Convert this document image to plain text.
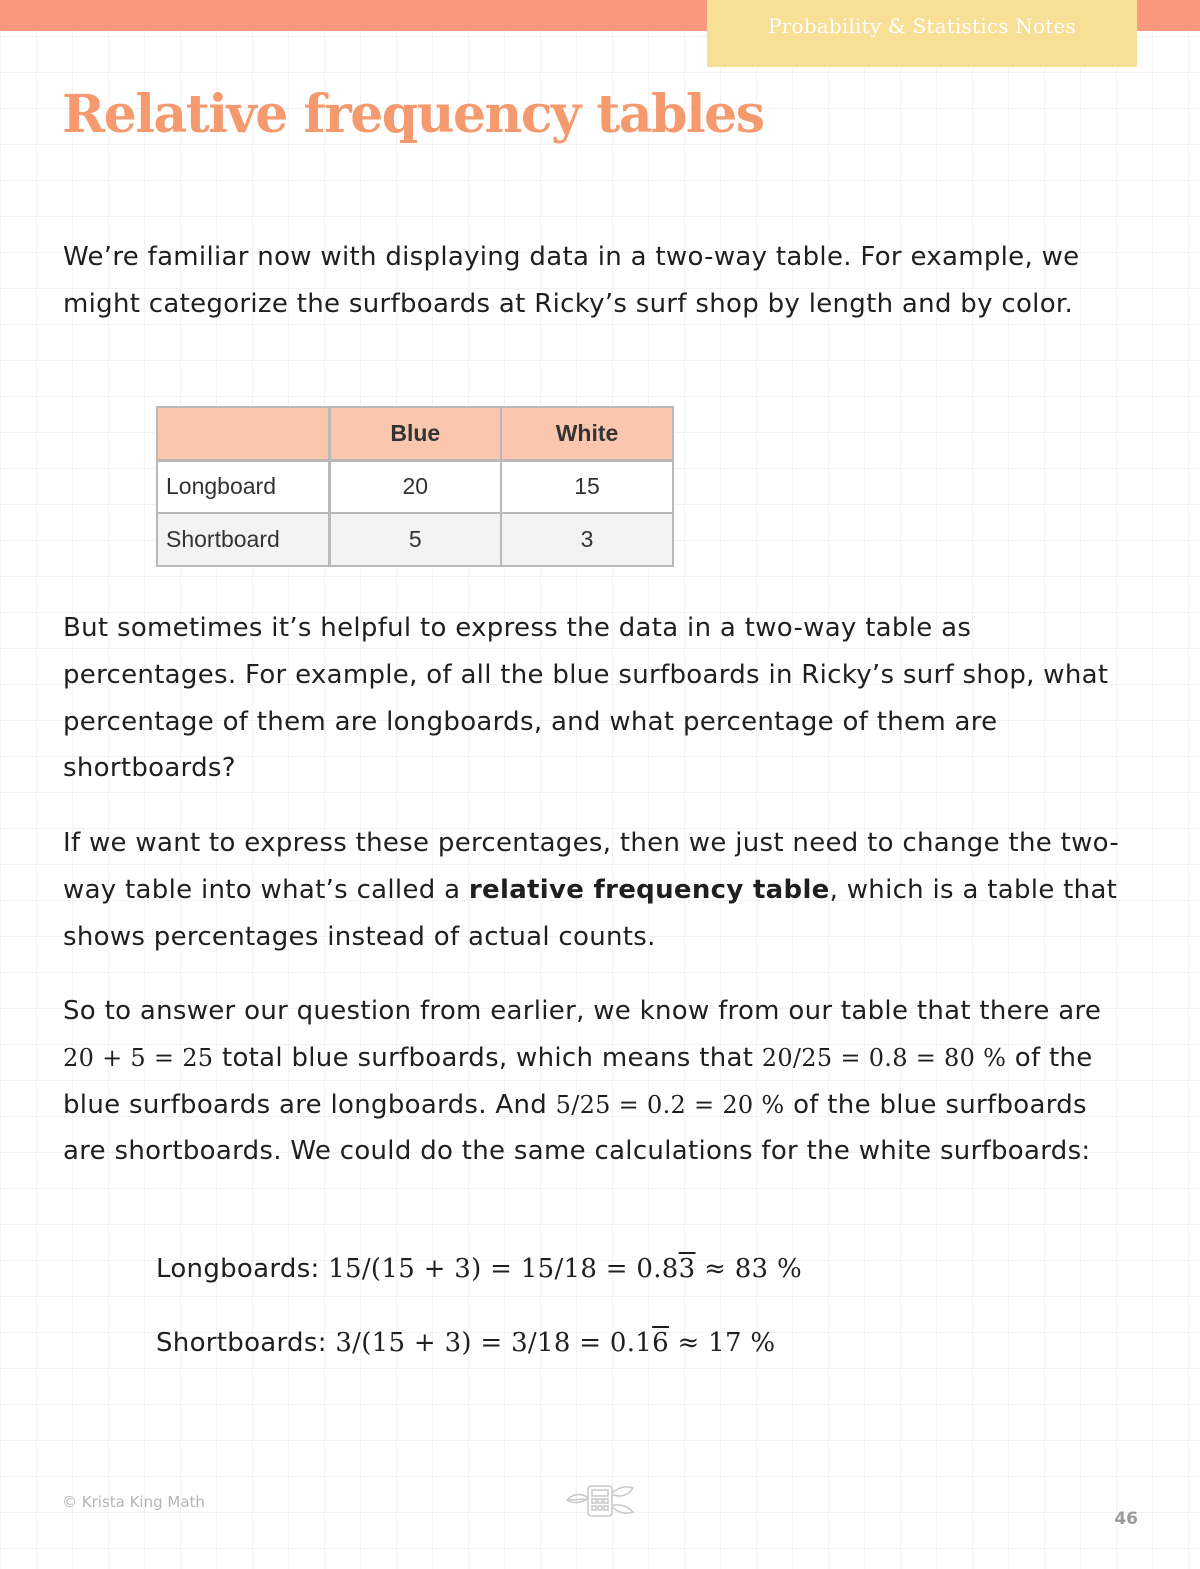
Probability & Statistics Notes
Relative frequency tables

We’re familiar now with displaying data in a two-way table. For example, we might categorize the surfboards at Ricky’s surf shop by length and by color.

	Blue	White
Longboard	20	15
Shortboard	5	3

But sometimes it’s helpful to express the data in a two-way table as percentages. For example, of all the blue surfboards in Ricky’s surf shop, what percentage of them are longboards, and what percentage of them are shortboards?

If we want to express these percentages, then we just need to change the two-way table into what’s called a relative frequency table, which is a table that shows percentages instead of actual counts.

So to answer our question from earlier, we know from our table that there are 20 + 5 = 25 total blue surfboards, which means that 20/25 = 0.8 = 80 % of the blue surfboards are longboards. And 5/25 = 0.2 = 20 % of the blue surfboards are shortboards. We could do the same calculations for the white surfboards:

Longboards: 15/(15 + 3) = 15/18 = 0.83 ≈ 83 %
Shortboards: 3/(15 + 3) = 3/18 = 0.16 ≈ 17 %
© Krista King Math
46
